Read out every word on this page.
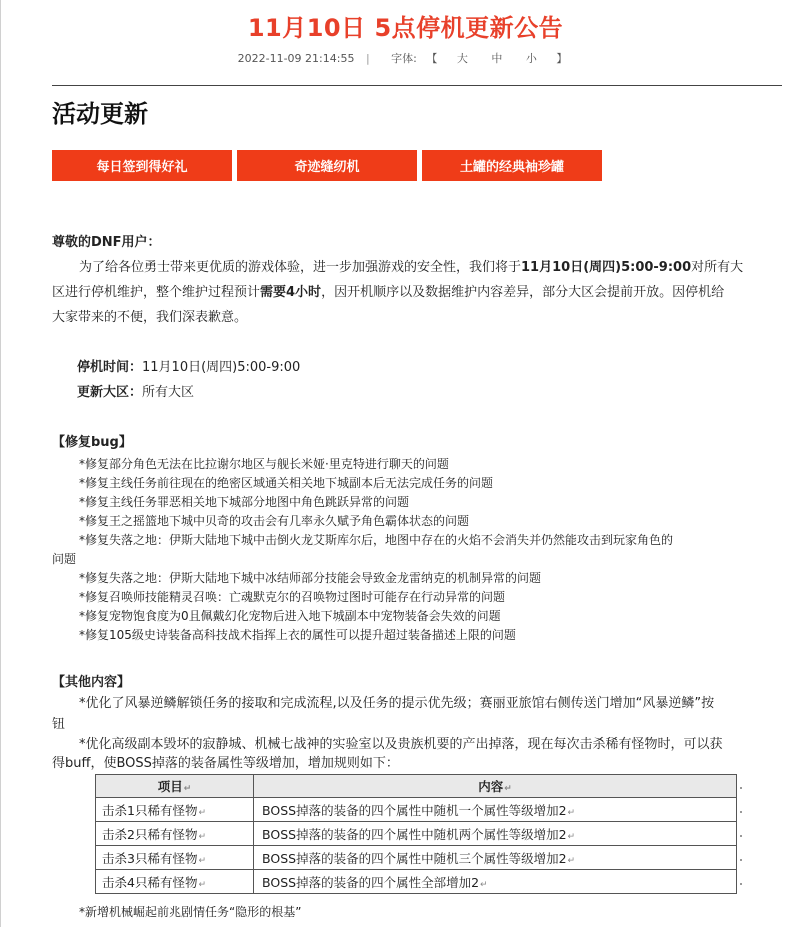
11月10日 5点停机更新公告
2022-11-09 21:14:55 | 字体: 【 大 中 小 】
活动更新
每日签到得好礼	奇迹缝纫机	土罐的经典袖珍罐
尊敬的DNF用户：
为了给各位勇士带来更优质的游戏体验，进一步加强游戏的安全性，我们将于11月10日(周四)5:00-9:00对所有大
区进行停机维护，整个维护过程预计需要4小时，因开机顺序以及数据维护内容差异，部分大区会提前开放。因停机给
大家带来的不便，我们深表歉意。
停机时间：11月10日(周四)5:00-9:00
更新大区：所有大区
【修复bug】
*修复部分角色无法在比拉谢尔地区与舰长米娅·里克特进行聊天的问题
*修复主线任务前往现在的绝密区域通关相关地下城副本后无法完成任务的问题
*修复主线任务罪恶相关地下城部分地图中角色跳跃异常的问题
*修复王之摇篮地下城中贝奇的攻击会有几率永久赋予角色霸体状态的问题
*修复失落之地：伊斯大陆地下城中击倒火龙艾斯库尔后，地图中存在的火焰不会消失并仍然能攻击到玩家角色的
问题
*修复失落之地：伊斯大陆地下城中冰结师部分技能会导致金龙雷纳克的机制异常的问题
*修复召唤师技能精灵召唤：亡魂默克尔的召唤物过图时可能存在行动异常的问题
*修复宠物饱食度为0且佩戴幻化宠物后进入地下城副本中宠物装备会失效的问题
*修复105级史诗装备高科技战术指挥上衣的属性可以提升超过装备描述上限的问题
【其他内容】
*优化了风暴逆鳞解锁任务的接取和完成流程,以及任务的提示优先级；赛丽亚旅馆右侧传送门增加“风暴逆鳞”按
钮
*优化高级副本毁坏的寂静城、机械七战神的实验室以及贵族机要的产出掉落，现在每次击杀稀有怪物时，可以获
得buff，使BOSS掉落的装备属性等级增加，增加规则如下：
项目↵	内容↵
击杀1只稀有怪物↵	BOSS掉落的装备的四个属性中随机一个属性等级增加2↵
击杀2只稀有怪物↵	BOSS掉落的装备的四个属性中随机两个属性等级增加2↵
击杀3只稀有怪物↵	BOSS掉落的装备的四个属性中随机三个属性等级增加2↵
击杀4只稀有怪物↵	BOSS掉落的装备的四个属性全部增加2↵
*新增机械崛起前兆剧情任务“隐形的根基”
